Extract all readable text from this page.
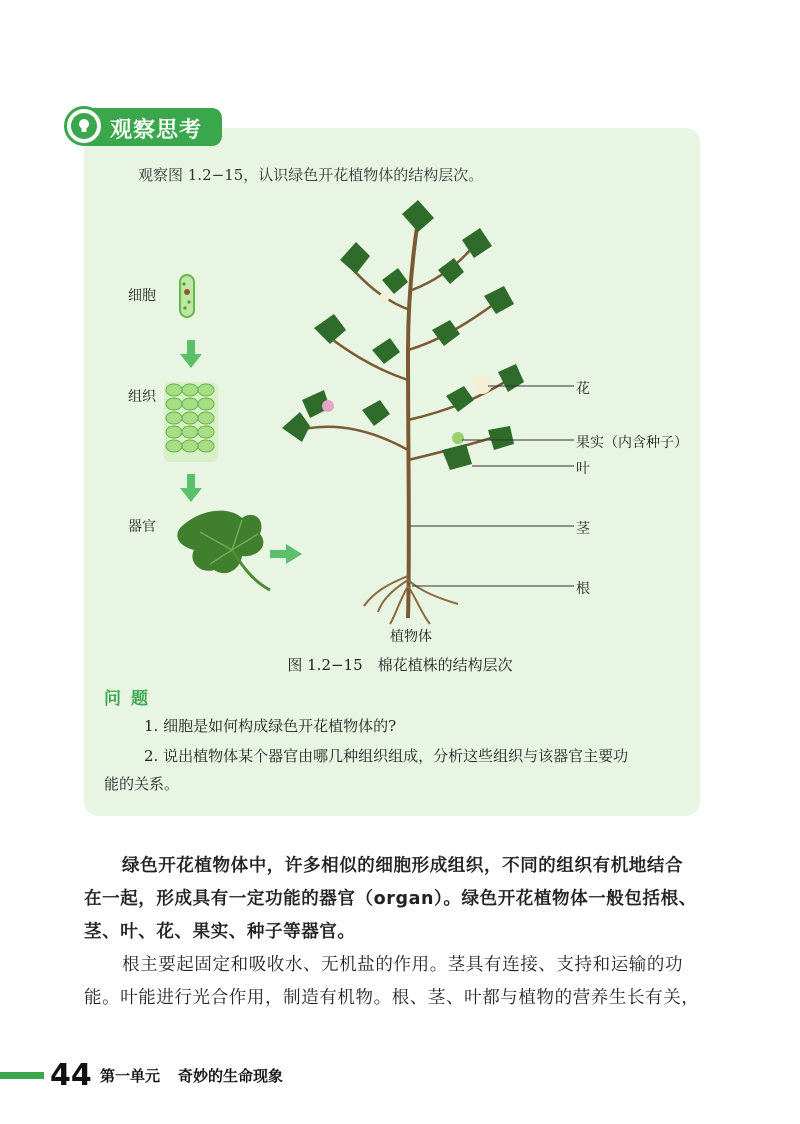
观察思考
观察图 1.2−15，认识绿色开花植物体的结构层次。
细胞
组织
器官
花
果实（内含种子）
叶
茎
根
植物体
图 1.2−15　棉花植株的结构层次
问题
1. 细胞是如何构成绿色开花植物体的?
2. 说出植物体某个器官由哪几种组织组成，分析这些组织与该器官主要功
能的关系。
绿色开花植物体中，许多相似的细胞形成组织，不同的组织有机地结合
在一起，形成具有一定功能的器官（organ）。绿色开花植物体一般包括根、
茎、叶、花、果实、种子等器官。
根主要起固定和吸收水、无机盐的作用。茎具有连接、支持和运输的功
能。叶能进行光合作用，制造有机物。根、茎、叶都与植物的营养生长有关，
44 第一单元 奇妙的生命现象
